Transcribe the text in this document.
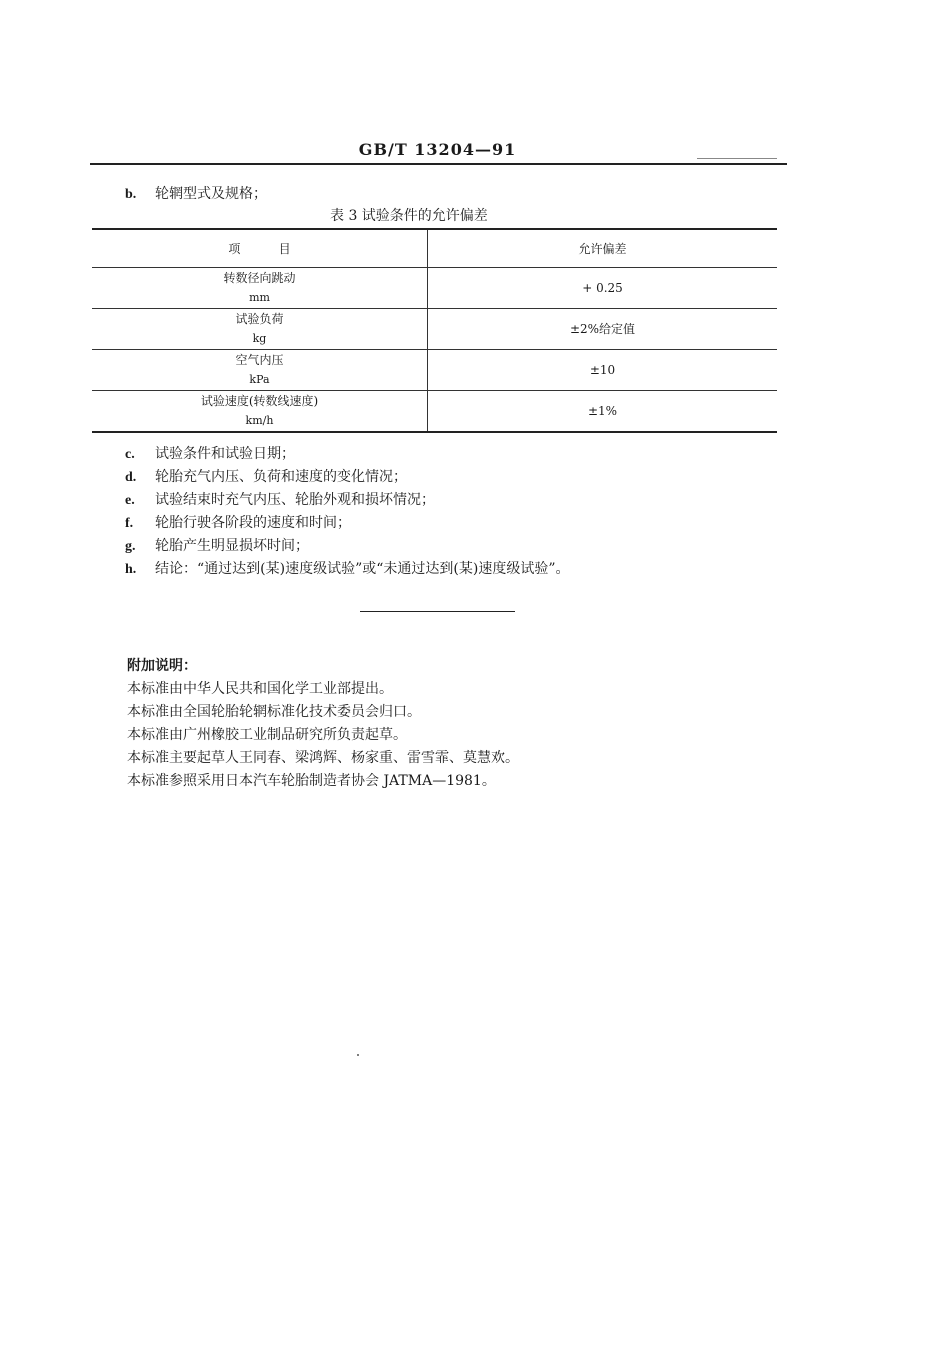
GB/T 13204—91
b. 轮辋型式及规格；
表 3 试验条件的允许偏差
项          目	允许偏差

转数径向跳动
mm	+ 0.25

试验负荷
kg	±2%给定值

空气内压
kPa	±10

试验速度(转数线速度)
km/h	±1%
c. 试验条件和试验日期；
d. 轮胎充气内压、负荷和速度的变化情况；
e. 试验结束时充气内压、轮胎外观和损坏情况；
f. 轮胎行驶各阶段的速度和时间；
g. 轮胎产生明显损坏时间；
h. 结论：“通过达到(某)速度级试验”或“未通过达到(某)速度级试验”。
附加说明：
本标准由中华人民共和国化学工业部提出。
本标准由全国轮胎轮辋标准化技术委员会归口。
本标准由广州橡胶工业制品研究所负责起草。
本标准主要起草人王同春、梁鸿辉、杨家重、雷雪霏、莫慧欢。
本标准参照采用日本汽车轮胎制造者协会 JATMA—1981。
